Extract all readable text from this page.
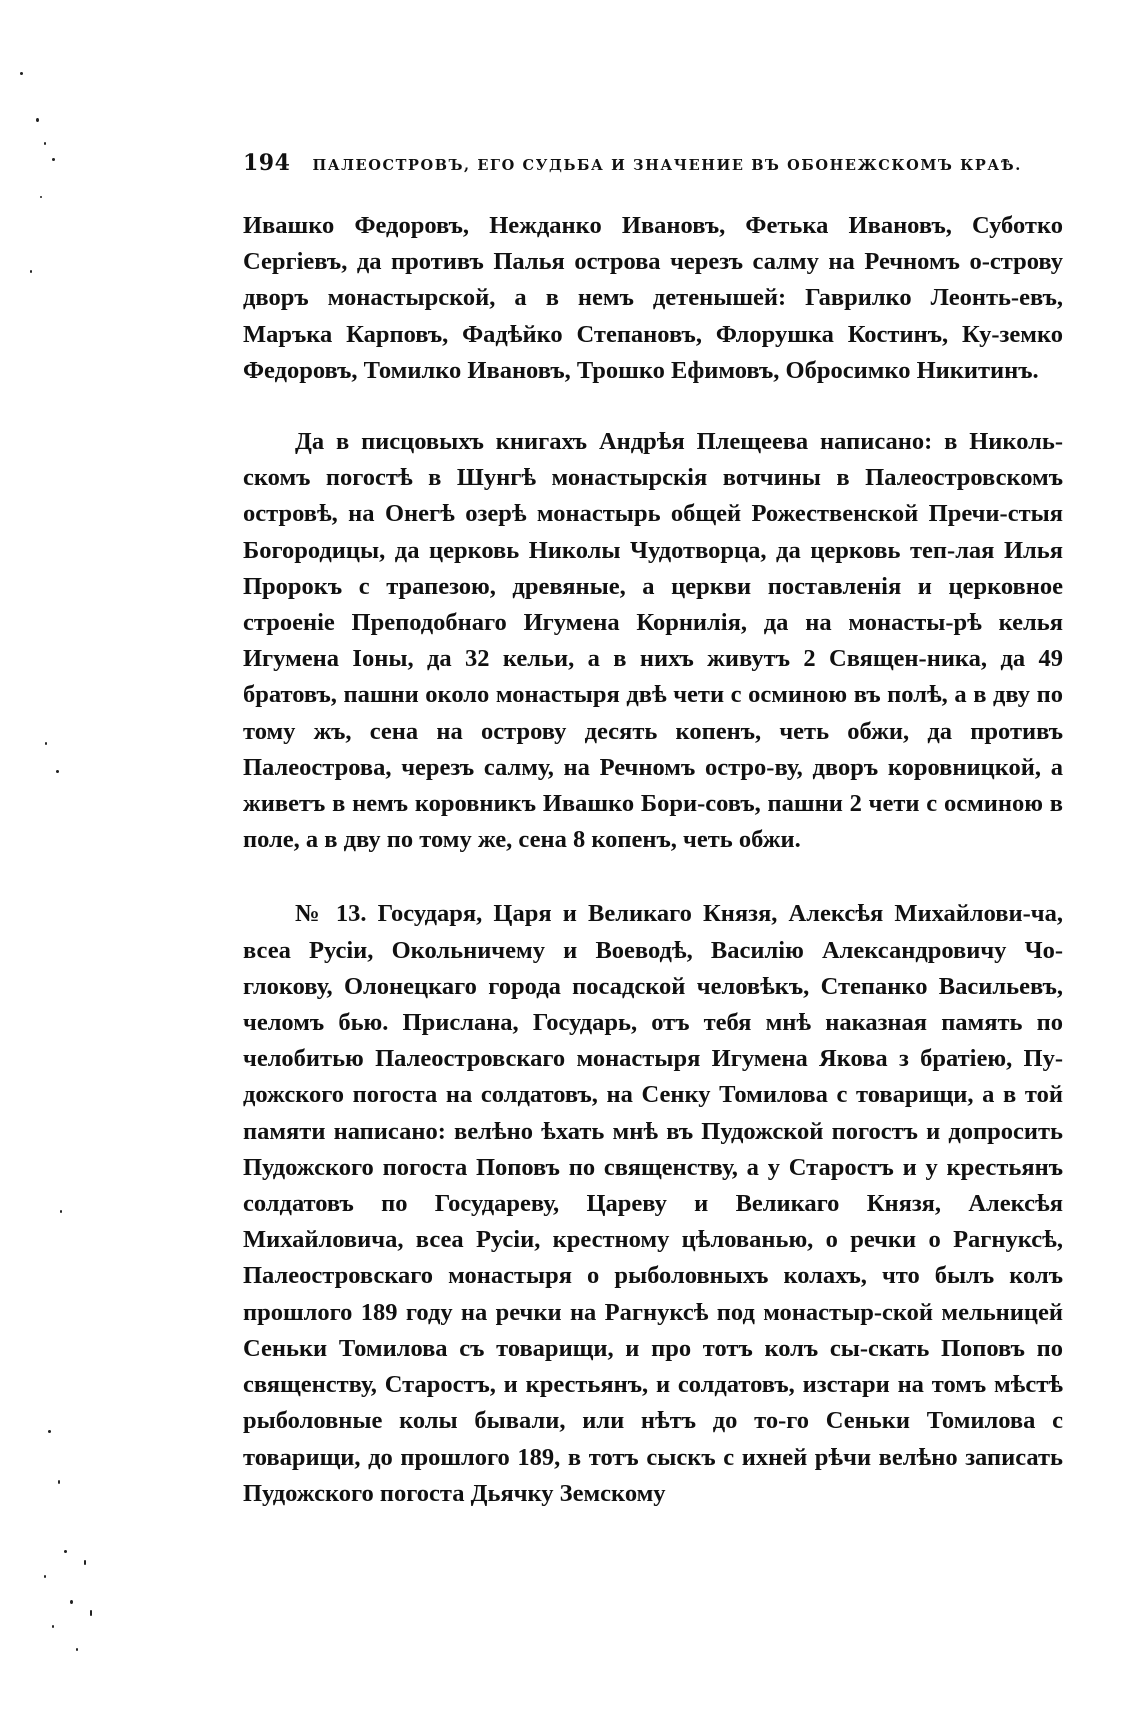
194 ПАЛЕОСТРОВЪ, ЕГО СУДЬБА И ЗНАЧЕНИЕ ВЪ ОБОНЕЖСКОМЪ КРАѢ.

Ивашко Федоровъ, Нежданко Ивановъ, Фетька Ивановъ, Суботко Сергiевъ, да противъ Палья острова черезъ салму на Речномъ о-строву дворъ монастырской, а в немъ детенышей: Гаврилко Леонть-евъ, Маръка Карповъ, Фадѣйко Степановъ, Флорушка Костинъ, Ку-земко Федоровъ, Томилко Ивановъ, Трошко Ефимовъ, Обросимко Никитинъ.

Да в писцовыхъ книгахъ Андрѣя Плещеева написано: в Николь-скомъ погостѣ в Шунгѣ монастырскiя вотчины в Палеостровскомъ островѣ, на Онегѣ озерѣ монастырь общей Рожественской Пречи-стыя Богородицы, да церковь Николы Чудотворца, да церковь теп-лая Илья Пророкъ с трапезою, древяные, а церкви поставленiя и церковное строенiе Преподобнаго Игумена Корнилiя, да на монасты-рѣ келья Игумена Iоны, да 32 кельи, а в нихъ живутъ 2 Священ-ника, да 49 братовъ, пашни около монастыря двѣ чети с осминою въ полѣ, а в дву по тому жъ, сена на острову десять копенъ, четь обжи, да противъ Палеострова, черезъ салму, на Речномъ остро-ву, дворъ коровницкой, а живетъ в немъ коровникъ Ивашко Бори-совъ, пашни 2 чети с осминою в поле, а в дву по тому же, сена 8 копенъ, четь обжи.

№ 13. Государя, Царя и Великаго Князя, Алексѣя Михайлови-ча, всеа Русiи, Окольничему и Воеводѣ, Василiю Александровичу Чо-глокову, Олонецкаго города посадской человѣкъ, Степанко Васильевъ, челомъ бью. Прислана, Государь, отъ тебя мнѣ наказная память по челобитью Палеостровскаго монастыря Игумена Якова з братiею, Пу-дожского погоста на солдатовъ, на Сенку Томилова с товарищи, а в той памяти написано: велѣно ѣхать мнѣ въ Пудожской погостъ и допросить Пудожского погоста Поповъ по священству, а у Старостъ и у крестьянъ солдатовъ по Государеву, Цареву и Великаго Князя, Алексѣя Михайловича, всеа Русiи, крестному цѣлованью, о речки о Рагнуксѣ, Палеостровскаго монастыря о рыболовныхъ колахъ, что былъ колъ прошлого 189 году на речки на Рагнуксѣ под монастыр-ской мельницей Сеньки Томилова съ товарищи, и про тотъ колъ сы-скать Поповъ по священству, Старостъ, и крестьянъ, и солдатовъ, изстари на томъ мѣстѣ рыболовные колы бывали, или нѣтъ до то-го Сеньки Томилова с товарищи, до прошлого 189, в тотъ сыскъ с ихней рѣчи велѣно записать Пудожского погоста Дьячку Земскому
